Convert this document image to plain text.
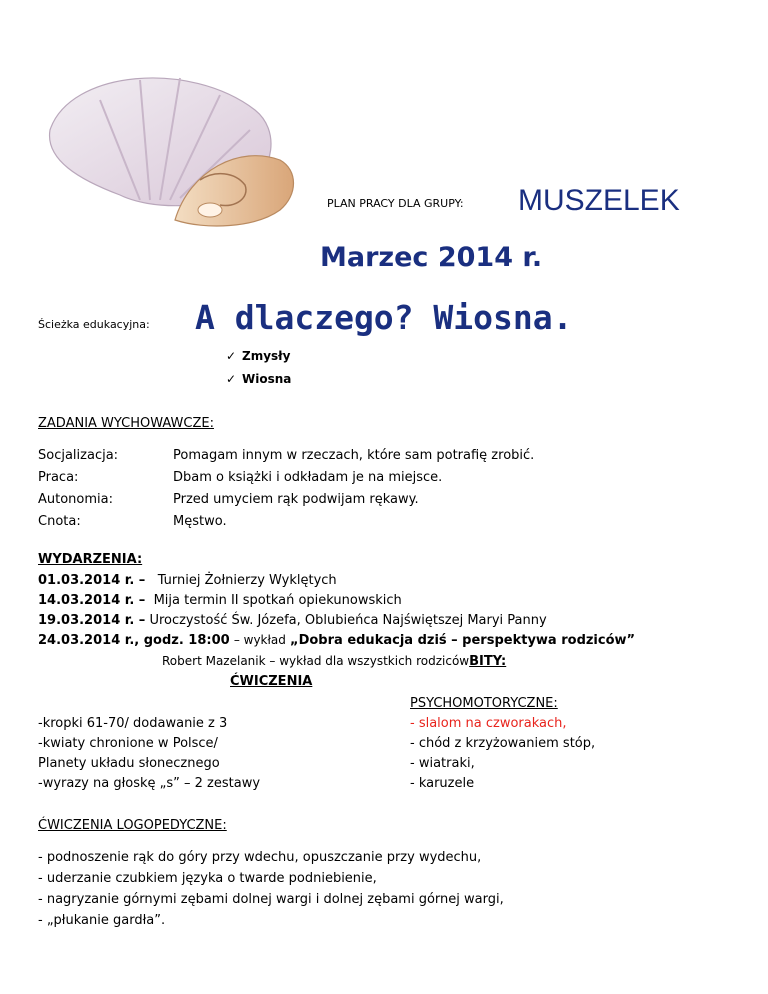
PLAN PRACY DLA GRUPY: MUSZELEK
Marzec 2014 r.
Ścieżka edukacyjna: A dlaczego? Wiosna.
✓ Zmysły
✓ Wiosna
ZADANIA WYCHOWAWCZE:
Socjalizacja:	Pomagam innym w rzeczach, które sam potrafię zrobić.
Praca:	Dbam o książki i odkładam je na miejsce.
Autonomia:	Przed umyciem rąk podwijam rękawy.
Cnota:	Męstwo.
WYDARZENIA:
01.03.2014 r. – Turniej Żołnierzy Wyklętych
14.03.2014 r. – Mija termin II spotkań opiekunowskich
19.03.2014 r. – Uroczystość Św. Józefa, Oblubieńca Najświętszej Maryi Panny
24.03.2014 r., godz. 18:00 – wykład „Dobra edukacja dziś – perspektywa rodziców”
Robert Mazelanik – wykład dla wszystkich rodzicówBITY:
ĆWICZENIA
-kropki 61-70/ dodawanie z 3
-kwiaty chronione w Polsce/
Planety układu słonecznego
-wyrazy na głoskę „s” – 2 zestawy
PSYCHOMOTORYCZNE:
- slalom na czworakach,
- chód z krzyżowaniem stóp,
- wiatraki,
- karuzele
ĆWICZENIA LOGOPEDYCZNE:
- podnoszenie rąk do góry przy wdechu, opuszczanie przy wydechu,
- uderzanie czubkiem języka o twarde podniebienie,
- nagryzanie górnymi zębami dolnej wargi i dolnej zębami górnej wargi,
- „płukanie gardła”.
